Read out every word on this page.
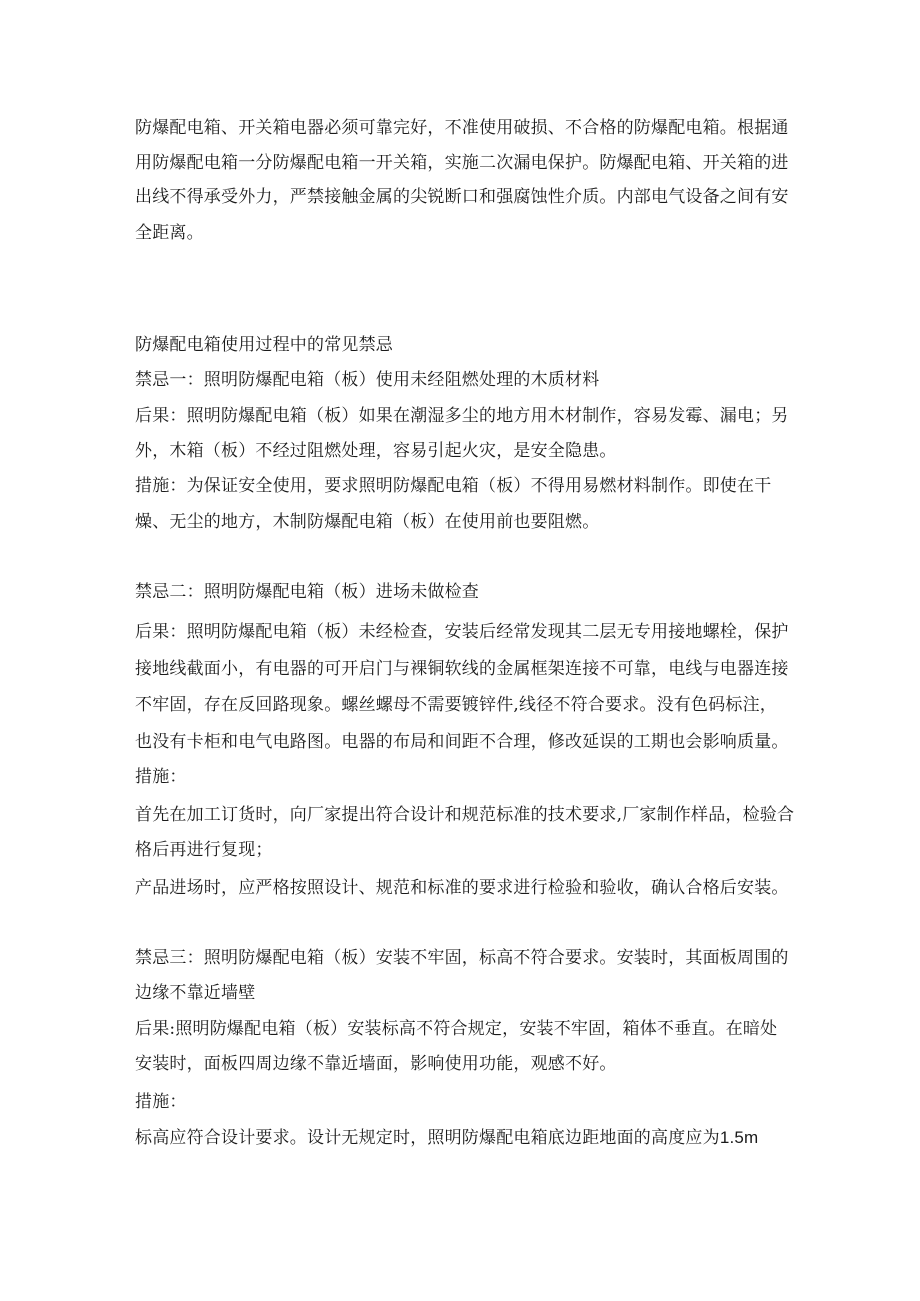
防爆配电箱、开关箱电器必须可靠完好，不准使用破损、不合格的防爆配电箱。根据通
用防爆配电箱一分防爆配电箱一开关箱，实施二次漏电保护。防爆配电箱、开关箱的进
出线不得承受外力，严禁接触金属的尖锐断口和强腐蚀性介质。内部电气设备之间有安
全距离。
防爆配电箱使用过程中的常见禁忌
禁忌一：照明防爆配电箱（板）使用未经阻燃处理的木质材料
后果：照明防爆配电箱（板）如果在潮湿多尘的地方用木材制作，容易发霉、漏电；另
外，木箱（板）不经过阻燃处理，容易引起火灾，是安全隐患。
措施：为保证安全使用，要求照明防爆配电箱（板）不得用易燃材料制作。即使在干
燥、无尘的地方，木制防爆配电箱（板）在使用前也要阻燃。
禁忌二：照明防爆配电箱（板）进场未做检查
后果：照明防爆配电箱（板）未经检查，安装后经常发现其二层无专用接地螺栓，保护
接地线截面小，有电器的可开启门与裸铜软线的金属框架连接不可靠，电线与电器连接
不牢固，存在反回路现象。螺丝螺母不需要镀锌件,线径不符合要求。没有色码标注，
也没有卡柜和电气电路图。电器的布局和间距不合理，修改延误的工期也会影响质量。
措施：
首先在加工订货时，向厂家提出符合设计和规范标准的技术要求,厂家制作样品，检验合
格后再进行复现；
产品进场时，应严格按照设计、规范和标准的要求进行检验和验收，确认合格后安装。
禁忌三：照明防爆配电箱（板）安装不牢固，标高不符合要求。安装时，其面板周围的
边缘不靠近墙壁
后果:照明防爆配电箱（板）安装标高不符合规定，安装不牢固，箱体不垂直。在暗处
安装时，面板四周边缘不靠近墙面，影响使用功能，观感不好。
措施：
标高应符合设计要求。设计无规定时，照明防爆配电箱底边距地面的高度应为1.5m
